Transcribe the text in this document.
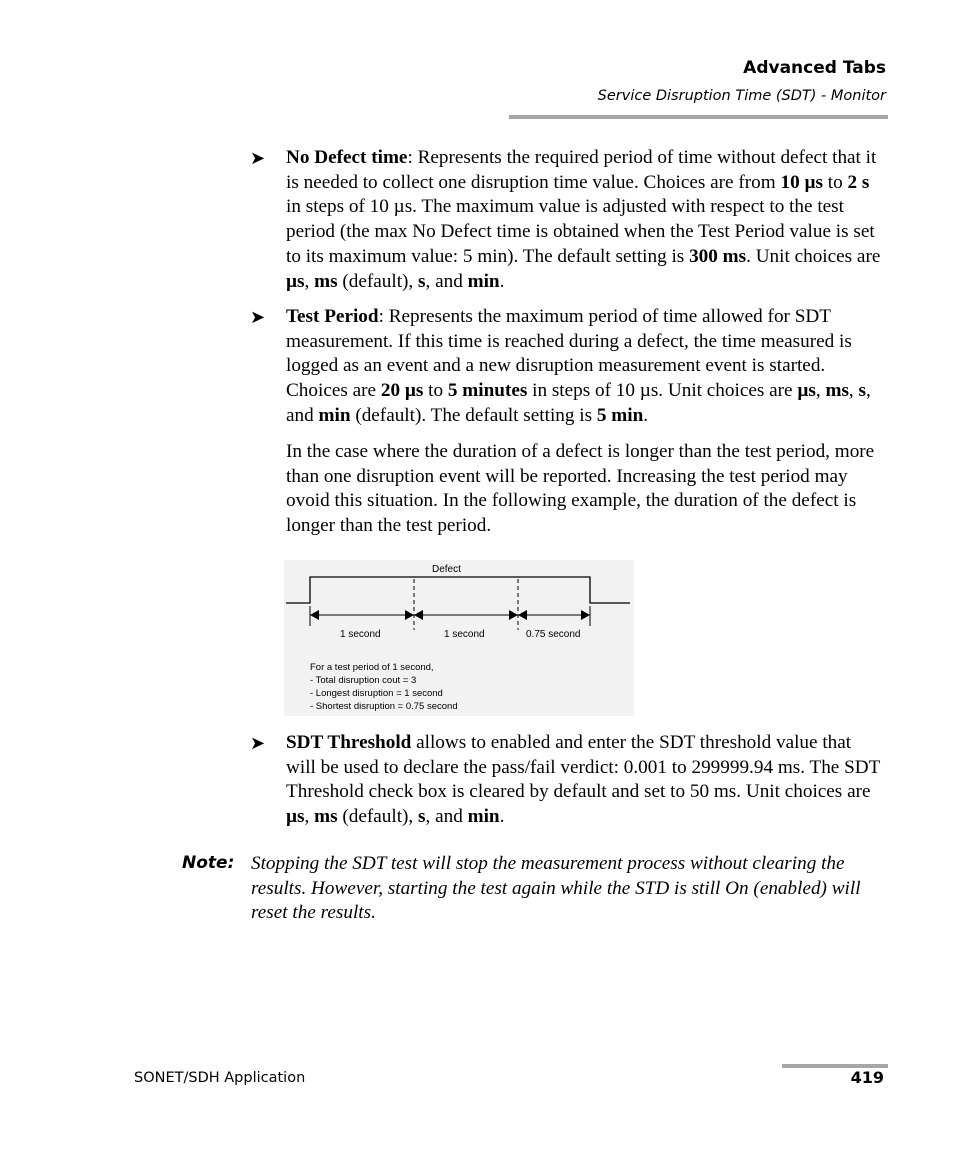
Advanced Tabs
Service Disruption Time (SDT) - Monitor
➤	No Defect time: Represents the required period of time without defect that it is needed to collect one disruption time value. Choices are from 10 µs to 2 s in steps of 10 µs. The maximum value is adjusted with respect to the test period (the max No Defect time is obtained when the Test Period value is set to its maximum value: 5 min). The default setting is 300 ms. Unit choices are µs, ms (default), s, and min.
➤	Test Period: Represents the maximum period of time allowed for SDT measurement. If this time is reached during a defect, the time measured is logged as an event and a new disruption measurement event is started. Choices are 20 µs to 5 minutes in steps of 10 µs. Unit choices are µs, ms, s, and min (default). The default setting is 5 min.
In the case where the duration of a defect is longer than the test period, more than one disruption event will be reported. Increasing the test period may ovoid this situation. In the following example, the duration of the defect is longer than the test period.
Defect
1 second	1 second	0.75 second
For a test period of 1 second,
- Total disruption cout = 3
- Longest disruption = 1 second
- Shortest disruption = 0.75 second
➤	SDT Threshold allows to enabled and enter the SDT threshold value that will be used to declare the pass/fail verdict: 0.001 to 299999.94 ms. The SDT Threshold check box is cleared by default and set to 50 ms. Unit choices are µs, ms (default), s, and min.
Note: Stopping the SDT test will stop the measurement process without clearing the results. However, starting the test again while the STD is still On (enabled) will reset the results.
SONET/SDH Application	419
